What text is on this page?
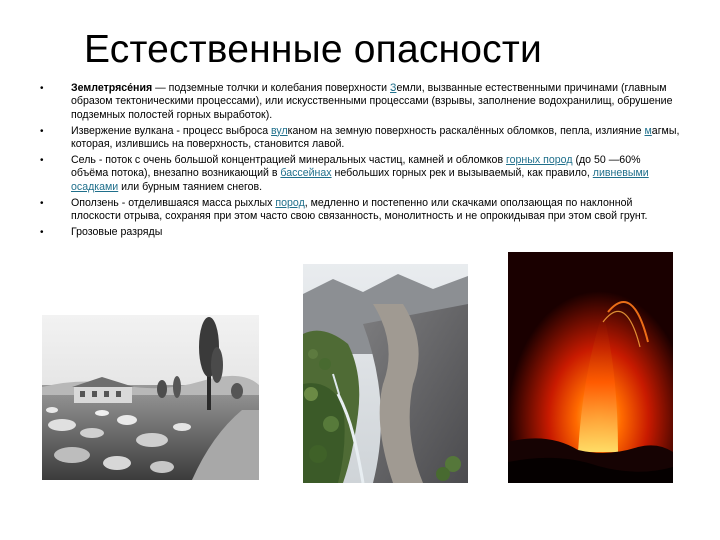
Естественные опасности
•	Землетрясе́ния — подземные толчки и колебания поверхности Земли, вызванные естественными причинами (главным образом тектоническими процессами), или искусственными процессами (взрывы, заполнение водохранилищ, обрушение подземных полостей горных выработок).
•	Извержение вулкана - процесс выброса вулканом на земную поверхность раскалённых обломков, пепла, излияние магмы, которая, излившись на поверхность, становится лавой.
•	Сель - поток с очень большой концентрацией минеральных частиц, камней и обломков горных пород (до 50 —60% объёма потока), внезапно возникающий в бассейнах небольших горных рек и вызываемый, как правило, ливневыми осадками или бурным таянием снегов.
•	Оползень - отделившаяся масса рыхлых пород, медленно и постепенно или скачками оползающая по наклонной плоскости отрыва, сохраняя при этом часто свою связанность, монолитность и не опрокидывая при этом свой грунт.
•	Грозовые разряды
